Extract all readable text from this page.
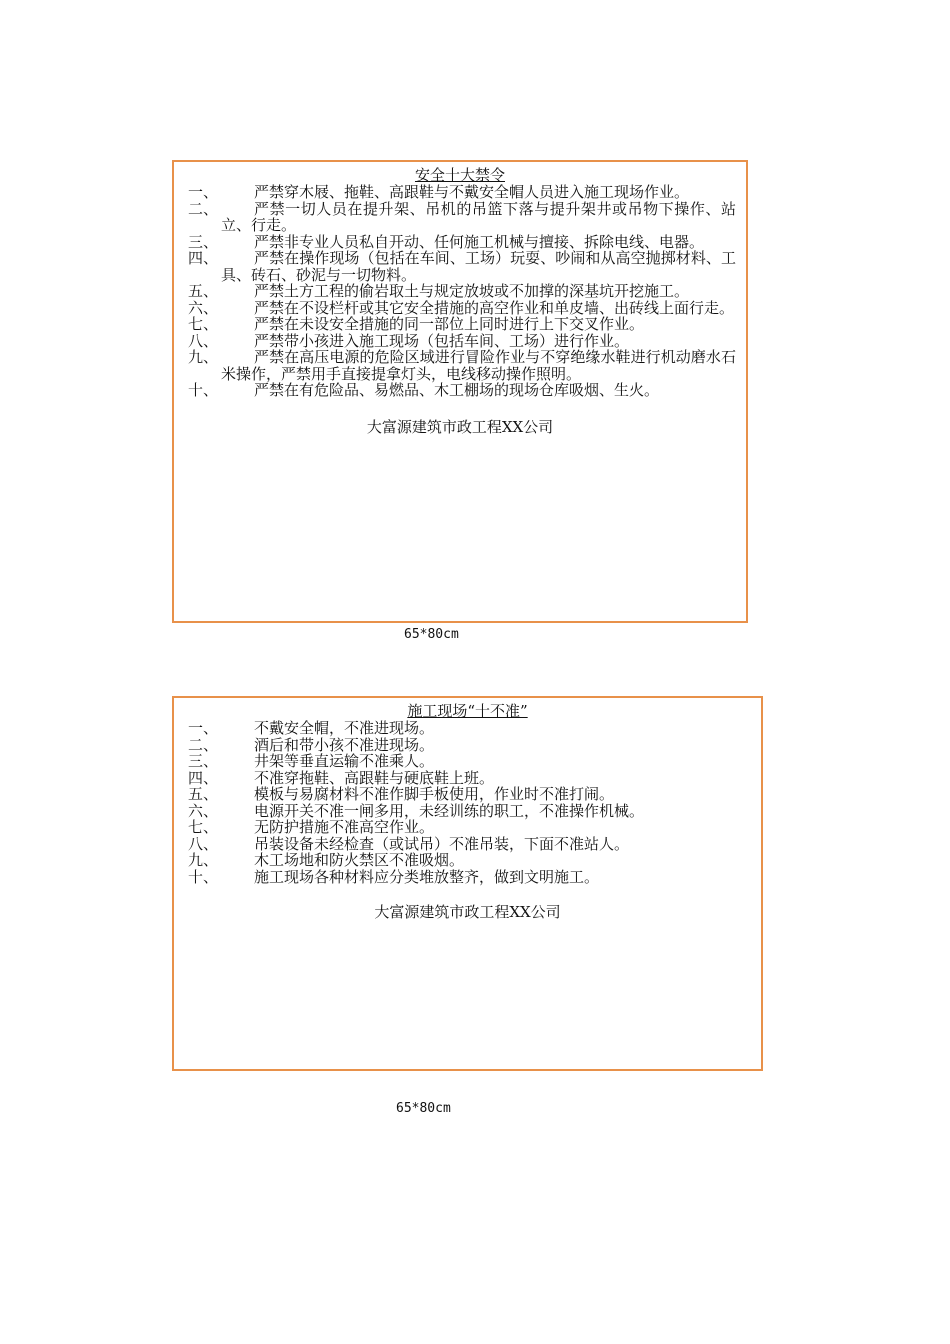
安全十大禁令
一、	严禁穿木屐、拖鞋、高跟鞋与不戴安全帽人员进入施工现场作业。
二、	严禁一切人员在提升架、吊机的吊篮下落与提升架井或吊物下操作、站立、行走。
三、	严禁非专业人员私自开动、任何施工机械与擅接、拆除电线、电器。
四、	严禁在操作现场（包括在车间、工场）玩耍、吵闹和从高空抛掷材料、工具、砖石、砂泥与一切物料。
五、	严禁土方工程的偷岩取土与规定放坡或不加撑的深基坑开挖施工。
六、	严禁在不设栏杆或其它安全措施的高空作业和单皮墙、出砖线上面行走。
七、	严禁在未设安全措施的同一部位上同时进行上下交叉作业。
八、	严禁带小孩进入施工现场（包括车间、工场）进行作业。
九、	严禁在高压电源的危险区域进行冒险作业与不穿绝缘水鞋进行机动磨水石米操作，严禁用手直接提拿灯头，电线移动操作照明。
十、	严禁在有危险品、易燃品、木工棚场的现场仓库吸烟、生火。
大富源建筑市政工程XX公司
65*80cm
施工现场“十不准”
一、 不戴安全帽，不准进现场。
二、 酒后和带小孩不准进现场。
三、 井架等垂直运输不准乘人。
四、 不准穿拖鞋、高跟鞋与硬底鞋上班。
五、 模板与易腐材料不准作脚手板使用，作业时不准打闹。
六、 电源开关不准一闸多用，未经训练的职工，不准操作机械。
七、 无防护措施不准高空作业。
八、 吊装设备未经检查（或试吊）不准吊装，下面不准站人。
九、 木工场地和防火禁区不准吸烟。
十、 施工现场各种材料应分类堆放整齐，做到文明施工。
大富源建筑市政工程XX公司
65*80cm
